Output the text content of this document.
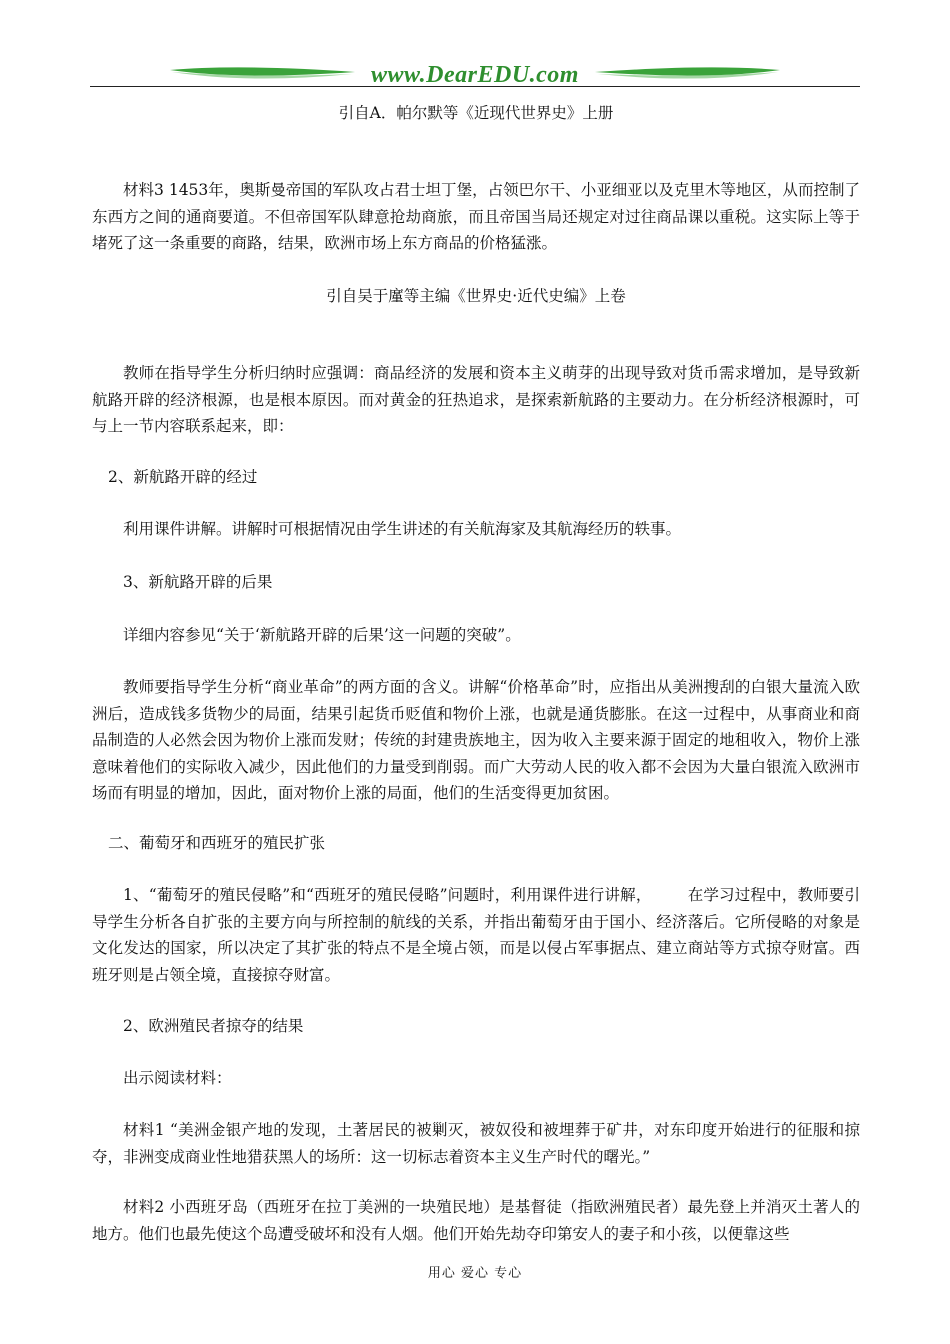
www.DearEDU.com

引自A．帕尔默等《近现代世界史》上册

材料3 1453年，奥斯曼帝国的军队攻占君士坦丁堡，占领巴尔干、小亚细亚以及克里木等地区，从而控制了东西方之间的通商要道。不但帝国军队肆意抢劫商旅，而且帝国当局还规定对过往商品课以重税。这实际上等于堵死了这一条重要的商路，结果，欧洲市场上东方商品的价格猛涨。

引自吴于廑等主编《世界史·近代史编》上卷

教师在指导学生分析归纳时应强调：商品经济的发展和资本主义萌芽的出现导致对货币需求增加，是导致新航路开辟的经济根源，也是根本原因。而对黄金的狂热追求，是探索新航路的主要动力。在分析经济根源时，可与上一节内容联系起来，即：

2、新航路开辟的经过

利用课件讲解。讲解时可根据情况由学生讲述的有关航海家及其航海经历的轶事。

3、新航路开辟的后果

详细内容参见“关于‘新航路开辟的后果’这一问题的突破”。

教师要指导学生分析“商业革命”的两方面的含义。讲解“价格革命”时，应指出从美洲搜刮的白银大量流入欧洲后，造成钱多货物少的局面，结果引起货币贬值和物价上涨，也就是通货膨胀。在这一过程中，从事商业和商品制造的人必然会因为物价上涨而发财；传统的封建贵族地主，因为收入主要来源于固定的地租收入，物价上涨意味着他们的实际收入减少，因此他们的力量受到削弱。而广大劳动人民的收入都不会因为大量白银流入欧洲市场而有明显的增加，因此，面对物价上涨的局面，他们的生活变得更加贫困。

二、葡萄牙和西班牙的殖民扩张

1、“葡萄牙的殖民侵略”和“西班牙的殖民侵略”问题时，利用课件进行讲解， 在学习过程中，教师要引导学生分析各自扩张的主要方向与所控制的航线的关系，并指出葡萄牙由于国小、经济落后。它所侵略的对象是文化发达的国家，所以决定了其扩张的特点不是全境占领，而是以侵占军事据点、建立商站等方式掠夺财富。西班牙则是占领全境，直接掠夺财富。

2、欧洲殖民者掠夺的结果

出示阅读材料：

材料1 “美洲金银产地的发现，土著居民的被剿灭，被奴役和被埋葬于矿井，对东印度开始进行的征服和掠夺，非洲变成商业性地猎获黑人的场所：这一切标志着资本主义生产时代的曙光。”

材料2 小西班牙岛（西班牙在拉丁美洲的一块殖民地）是基督徒（指欧洲殖民者）最先登上并消灭土著人的地方。他们也最先使这个岛遭受破坏和没有人烟。他们开始先劫夺印第安人的妻子和小孩，以便靠这些

用心 爱心 专心
